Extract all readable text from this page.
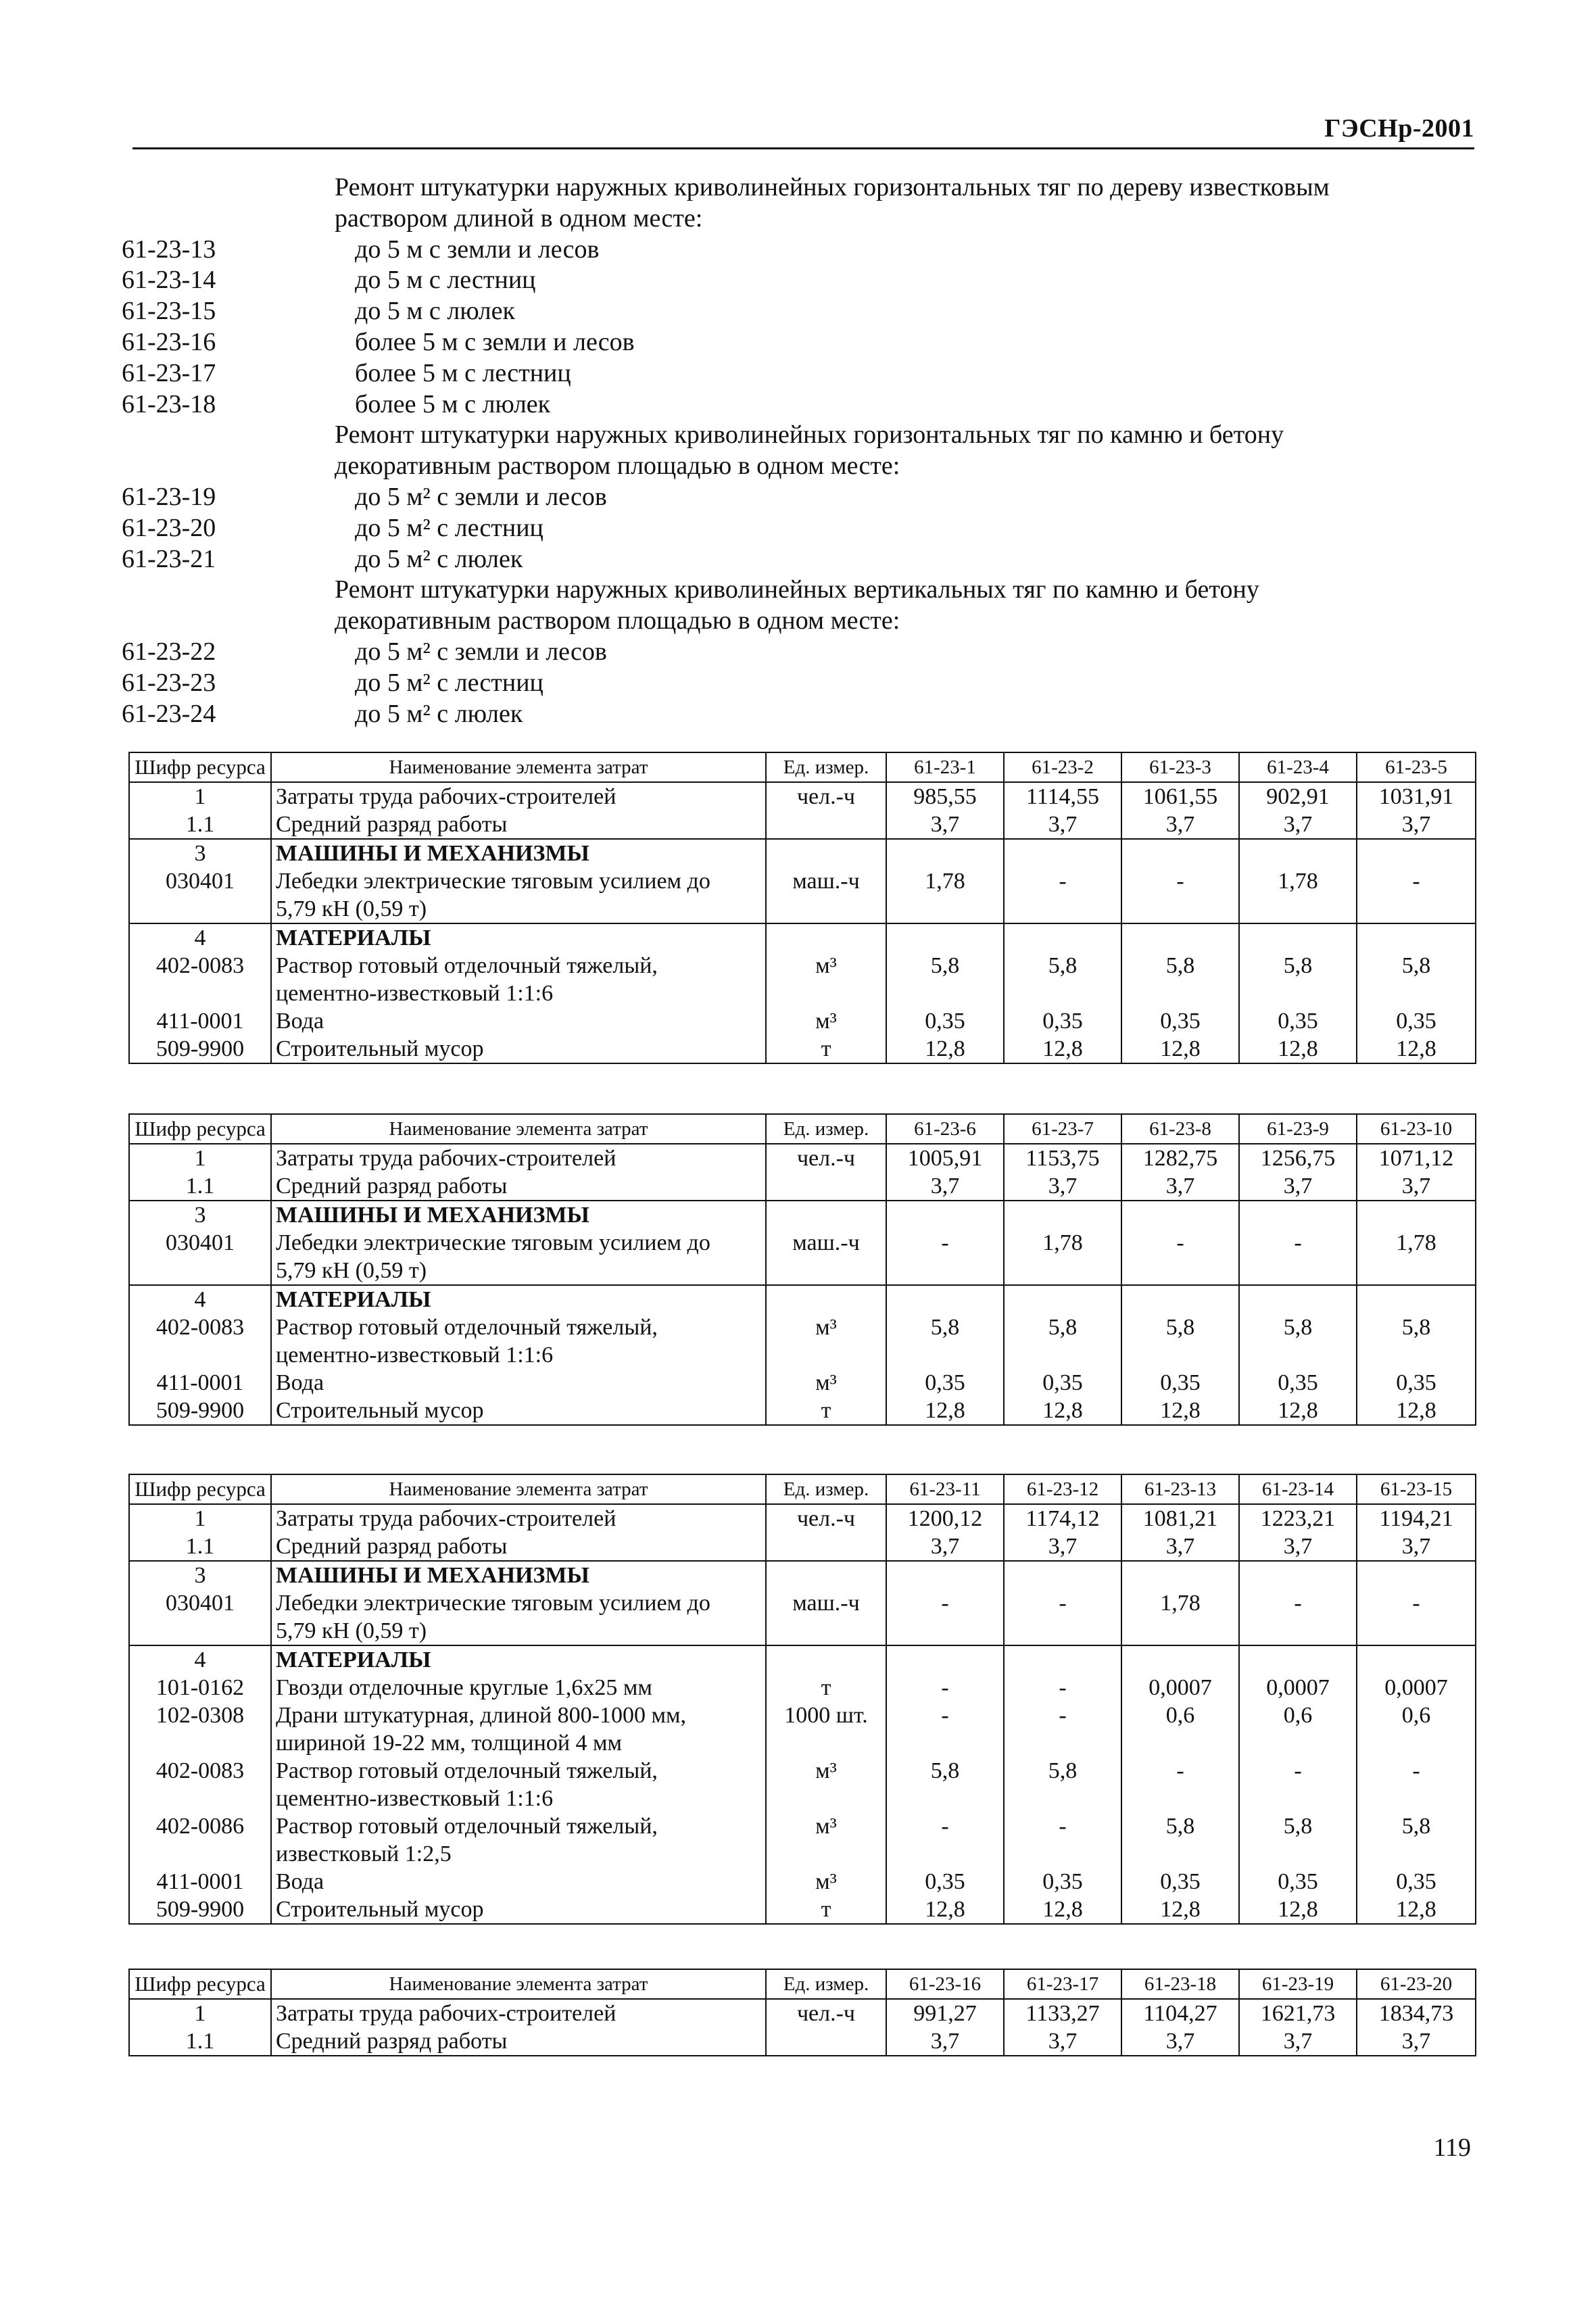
ГЭСНр-2001
Ремонт штукатурки наружных криволинейных горизонтальных тяг по дереву известковым
раствором длиной в одном месте:
61-23-13	до 5 м с земли и лесов
61-23-14	до 5 м с лестниц
61-23-15	до 5 м с люлек
61-23-16	более 5 м с земли и лесов
61-23-17	более 5 м с лестниц
61-23-18	более 5 м с люлек
Ремонт штукатурки наружных криволинейных горизонтальных тяг по камню и бетону
декоративным раствором площадью в одном месте:
61-23-19	до 5 м² с земли и лесов
61-23-20	до 5 м² с лестниц
61-23-21	до 5 м² с люлек
Ремонт штукатурки наружных криволинейных вертикальных тяг по камню и бетону
декоративным раствором площадью в одном месте:
61-23-22	до 5 м² с земли и лесов
61-23-23	до 5 м² с лестниц
61-23-24	до 5 м² с люлек
Шифр ресурса	Наименование элемента затрат	Ед. измер.	61-23-1	61-23-2	61-23-3	61-23-4	61-23-5
1	Затраты труда рабочих-строителей	чел.-ч	985,55	1114,55	1061,55	902,91	1031,91
1.1	Средний разряд работы		3,7	3,7	3,7	3,7	3,7
3	МАШИНЫ И МЕХАНИЗМЫ						
030401	Лебедки электрические тяговым усилием до	маш.-ч	1,78	-	-	1,78	-
	5,79 кН (0,59 т)						
4	МАТЕРИАЛЫ						
402-0083	Раствор готовый отделочный тяжелый,	м³	5,8	5,8	5,8	5,8	5,8
	цементно-известковый 1:1:6						
411-0001	Вода	м³	0,35	0,35	0,35	0,35	0,35
509-9900	Строительный мусор	т	12,8	12,8	12,8	12,8	12,8
Шифр ресурса	Наименование элемента затрат	Ед. измер.	61-23-6	61-23-7	61-23-8	61-23-9	61-23-10
1	Затраты труда рабочих-строителей	чел.-ч	1005,91	1153,75	1282,75	1256,75	1071,12
1.1	Средний разряд работы		3,7	3,7	3,7	3,7	3,7
3	МАШИНЫ И МЕХАНИЗМЫ						
030401	Лебедки электрические тяговым усилием до	маш.-ч	-	1,78	-	-	1,78
	5,79 кН (0,59 т)						
4	МАТЕРИАЛЫ						
402-0083	Раствор готовый отделочный тяжелый,	м³	5,8	5,8	5,8	5,8	5,8
	цементно-известковый 1:1:6						
411-0001	Вода	м³	0,35	0,35	0,35	0,35	0,35
509-9900	Строительный мусор	т	12,8	12,8	12,8	12,8	12,8
Шифр ресурса	Наименование элемента затрат	Ед. измер.	61-23-11	61-23-12	61-23-13	61-23-14	61-23-15
1	Затраты труда рабочих-строителей	чел.-ч	1200,12	1174,12	1081,21	1223,21	1194,21
1.1	Средний разряд работы		3,7	3,7	3,7	3,7	3,7
3	МАШИНЫ И МЕХАНИЗМЫ						
030401	Лебедки электрические тяговым усилием до	маш.-ч	-	-	1,78	-	-
	5,79 кН (0,59 т)						
4	МАТЕРИАЛЫ						
101-0162	Гвозди отделочные круглые 1,6х25 мм	т	-	-	0,0007	0,0007	0,0007
102-0308	Драни штукатурная, длиной 800-1000 мм,	1000 шт.	-	-	0,6	0,6	0,6
	шириной 19-22 мм, толщиной 4 мм						
402-0083	Раствор готовый отделочный тяжелый,	м³	5,8	5,8	-	-	-
	цементно-известковый 1:1:6						
402-0086	Раствор готовый отделочный тяжелый,	м³	-	-	5,8	5,8	5,8
	известковый 1:2,5						
411-0001	Вода	м³	0,35	0,35	0,35	0,35	0,35
509-9900	Строительный мусор	т	12,8	12,8	12,8	12,8	12,8
Шифр ресурса	Наименование элемента затрат	Ед. измер.	61-23-16	61-23-17	61-23-18	61-23-19	61-23-20
1	Затраты труда рабочих-строителей	чел.-ч	991,27	1133,27	1104,27	1621,73	1834,73
1.1	Средний разряд работы		3,7	3,7	3,7	3,7	3,7
119
